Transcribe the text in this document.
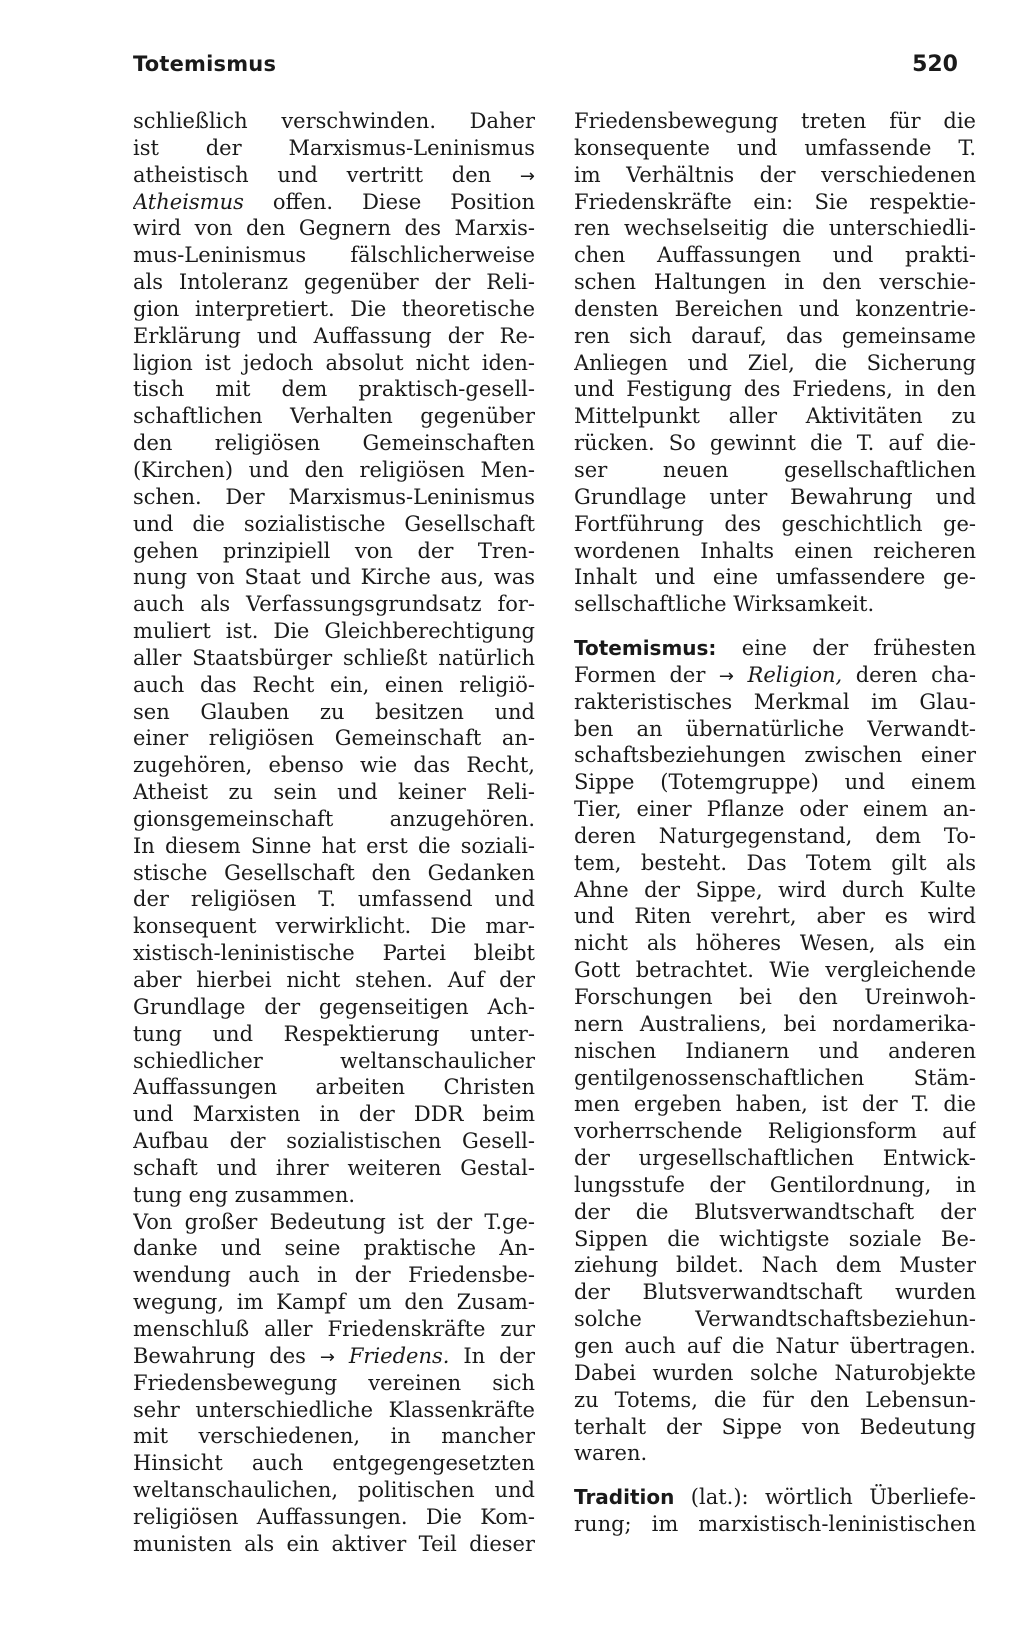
Totemismus	520
schließlich verschwinden. Daher
ist der Marxismus-Leninismus
atheistisch und vertritt den →
Atheismus offen. Diese Position
wird von den Gegnern des Marxis-
mus-Leninismus fälschlicherweise
als Intoleranz gegenüber der Reli-
gion interpretiert. Die theoretische
Erklärung und Auffassung der Re-
ligion ist jedoch absolut nicht iden-
tisch mit dem praktisch-gesell-
schaftlichen Verhalten gegenüber
den religiösen Gemeinschaften
(Kirchen) und den religiösen Men-
schen. Der Marxismus-Leninismus
und die sozialistische Gesellschaft
gehen prinzipiell von der Tren-
nung von Staat und Kirche aus, was
auch als Verfassungsgrundsatz for-
muliert ist. Die Gleichberechtigung
aller Staatsbürger schließt natürlich
auch das Recht ein, einen religiö-
sen Glauben zu besitzen und
einer religiösen Gemeinschaft an-
zugehören, ebenso wie das Recht,
Atheist zu sein und keiner Reli-
gionsgemeinschaft anzugehören.
In diesem Sinne hat erst die soziali-
stische Gesellschaft den Gedanken
der religiösen T. umfassend und
konsequent verwirklicht. Die mar-
xistisch-leninistische Partei bleibt
aber hierbei nicht stehen. Auf der
Grundlage der gegenseitigen Ach-
tung und Respektierung unter-
schiedlicher weltanschaulicher
Auffassungen arbeiten Christen
und Marxisten in der DDR beim
Aufbau der sozialistischen Gesell-
schaft und ihrer weiteren Gestal-
tung eng zusammen.
Von großer Bedeutung ist der T.ge-
danke und seine praktische An-
wendung auch in der Friedensbe-
wegung, im Kampf um den Zusam-
menschluß aller Friedenskräfte zur
Bewahrung des → Friedens. In der
Friedensbewegung vereinen sich
sehr unterschiedliche Klassenkräfte
mit verschiedenen, in mancher
Hinsicht auch entgegengesetzten
weltanschaulichen, politischen und
religiösen Auffassungen. Die Kom-
munisten als ein aktiver Teil dieser
Friedensbewegung treten für die
konsequente und umfassende T.
im Verhältnis der verschiedenen
Friedenskräfte ein: Sie respektie-
ren wechselseitig die unterschiedli-
chen Auffassungen und prakti-
schen Haltungen in den verschie-
densten Bereichen und konzentrie-
ren sich darauf, das gemeinsame
Anliegen und Ziel, die Sicherung
und Festigung des Friedens, in den
Mittelpunkt aller Aktivitäten zu
rücken. So gewinnt die T. auf die-
ser neuen gesellschaftlichen
Grundlage unter Bewahrung und
Fortführung des geschichtlich ge-
wordenen Inhalts einen reicheren
Inhalt und eine umfassendere ge-
sellschaftliche Wirksamkeit.
Totemismus: eine der frühesten
Formen der → Religion, deren cha-
rakteristisches Merkmal im Glau-
ben an übernatürliche Verwandt-
schaftsbeziehungen zwischen einer
Sippe (Totemgruppe) und einem
Tier, einer Pflanze oder einem an-
deren Naturgegenstand, dem To-
tem, besteht. Das Totem gilt als
Ahne der Sippe, wird durch Kulte
und Riten verehrt, aber es wird
nicht als höheres Wesen, als ein
Gott betrachtet. Wie vergleichende
Forschungen bei den Ureinwoh-
nern Australiens, bei nordamerika-
nischen Indianern und anderen
gentilgenossenschaftlichen Stäm-
men ergeben haben, ist der T. die
vorherrschende Religionsform auf
der urgesellschaftlichen Entwick-
lungsstufe der Gentilordnung, in
der die Blutsverwandtschaft der
Sippen die wichtigste soziale Be-
ziehung bildet. Nach dem Muster
der Blutsverwandtschaft wurden
solche Verwandtschaftsbeziehun-
gen auch auf die Natur übertragen.
Dabei wurden solche Naturobjekte
zu Totems, die für den Lebensun-
terhalt der Sippe von Bedeutung
waren.
Tradition (lat.): wörtlich Überliefe-
rung; im marxistisch-leninistischen
